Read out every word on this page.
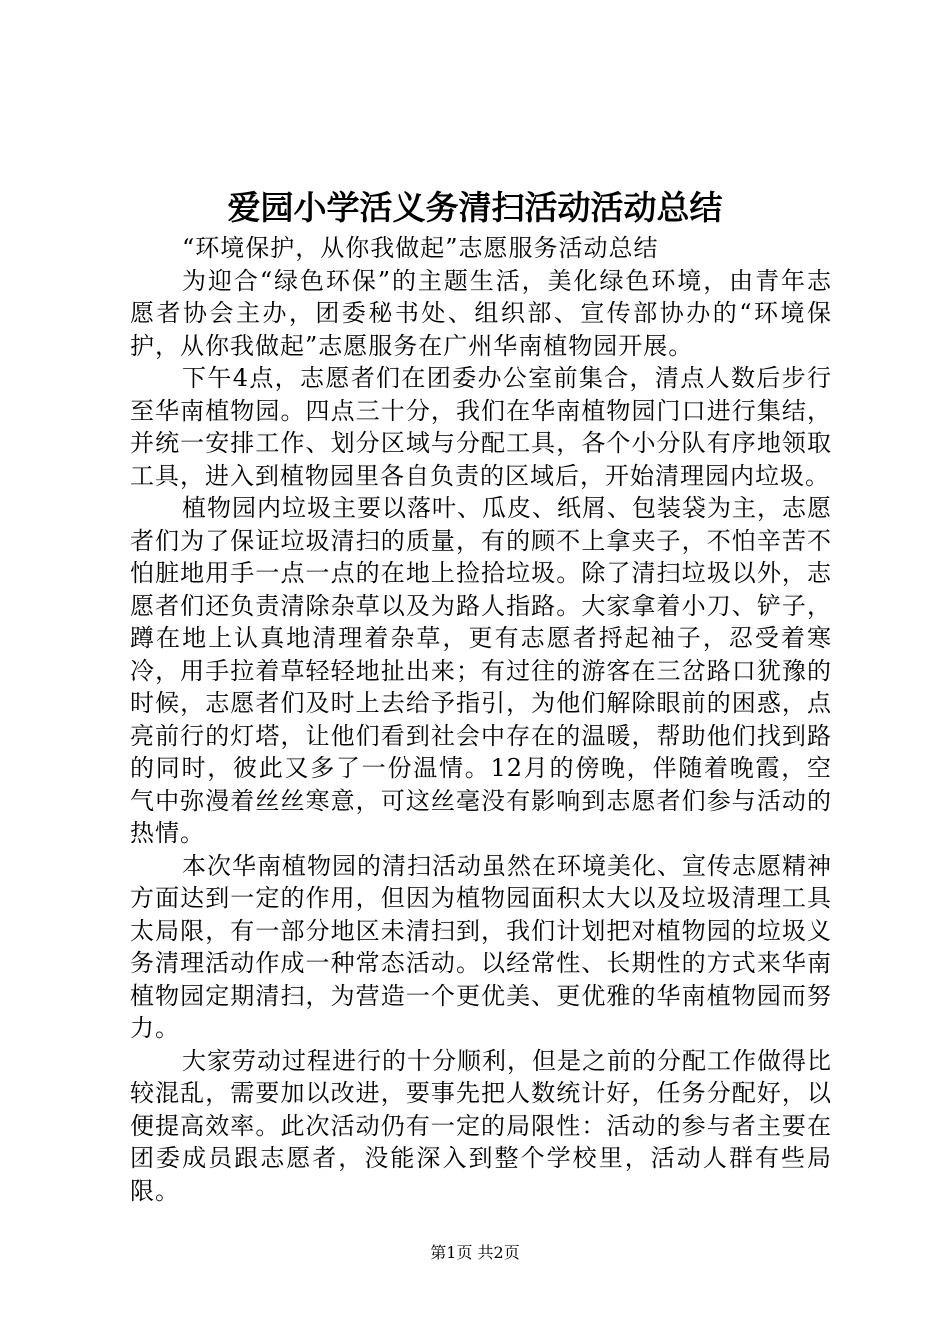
爱园小学活义务清扫活动活动总结

“环境保护，从你我做起”志愿服务活动总结

为迎合“绿色环保”的主题生活，美化绿色环境，由青年志愿者协会主办，团委秘书处、组织部、宣传部协办的“环境保护，从你我做起”志愿服务在广州华南植物园开展。

下午4点，志愿者们在团委办公室前集合，清点人数后步行至华南植物园。四点三十分，我们在华南植物园门口进行集结，并统一安排工作、划分区域与分配工具，各个小分队有序地领取工具，进入到植物园里各自负责的区域后，开始清理园内垃圾。

植物园内垃圾主要以落叶、瓜皮、纸屑、包装袋为主，志愿者们为了保证垃圾清扫的质量，有的顾不上拿夹子，不怕辛苦不怕脏地用手一点一点的在地上捡拾垃圾。除了清扫垃圾以外，志愿者们还负责清除杂草以及为路人指路。大家拿着小刀、铲子，蹲在地上认真地清理着杂草，更有志愿者捋起袖子，忍受着寒冷，用手拉着草轻轻地扯出来；有过往的游客在三岔路口犹豫的时候，志愿者们及时上去给予指引，为他们解除眼前的困惑，点亮前行的灯塔，让他们看到社会中存在的温暖，帮助他们找到路的同时，彼此又多了一份温情。12月的傍晚，伴随着晚霞，空气中弥漫着丝丝寒意，可这丝毫没有影响到志愿者们参与活动的热情。

本次华南植物园的清扫活动虽然在环境美化、宣传志愿精神方面达到一定的作用，但因为植物园面积太大以及垃圾清理工具太局限，有一部分地区未清扫到，我们计划把对植物园的垃圾义务清理活动作成一种常态活动。以经常性、长期性的方式来华南植物园定期清扫，为营造一个更优美、更优雅的华南植物园而努力。

大家劳动过程进行的十分顺利，但是之前的分配工作做得比较混乱，需要加以改进，要事先把人数统计好，任务分配好，以便提高效率。此次活动仍有一定的局限性：活动的参与者主要在团委成员跟志愿者，没能深入到整个学校里，活动人群有些局限。

第1页 共2页
